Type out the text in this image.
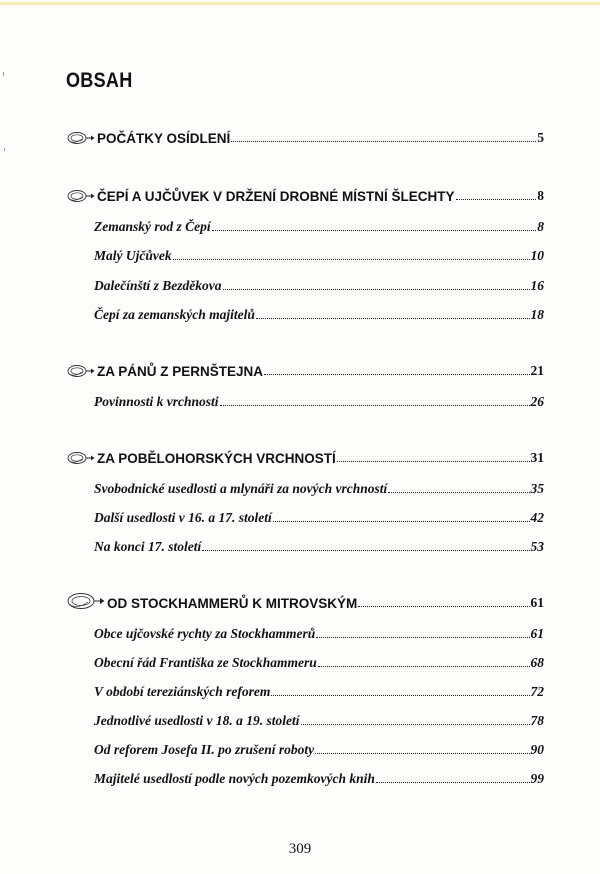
OBSAH
POČÁTKY OSÍDLENÍ	5
ČEPÍ A UJČŮVEK V DRŽENÍ DROBNÉ MÍSTNÍ ŠLECHTY	8
Zemanský rod z Čepí	8
Malý Ujčůvek	10
Dalečínští z Bezděkova	16
Čepí za zemanských majitelů	18
ZA PÁNŮ Z PERNŠTEJNA	21
Povinnosti k vrchnosti	26
ZA POBĚLOHORSKÝCH VRCHNOSTÍ	31
Svobodnické usedlosti a mlynáři za nových vrchností	35
Další usedlosti v 16. a 17. století	42
Na konci 17. století	53
OD STOCKHAMMERŮ K MITROVSKÝM	61
Obce ujčovské rychty za Stockhammerů	61
Obecní řád Františka ze Stockhammeru	68
V období tereziánských reforem	72
Jednotlivé usedlosti v 18. a 19. století	78
Od reforem Josefa II. po zrušení roboty	90
Majitelé usedlostí podle nových pozemkových knih	99
309
